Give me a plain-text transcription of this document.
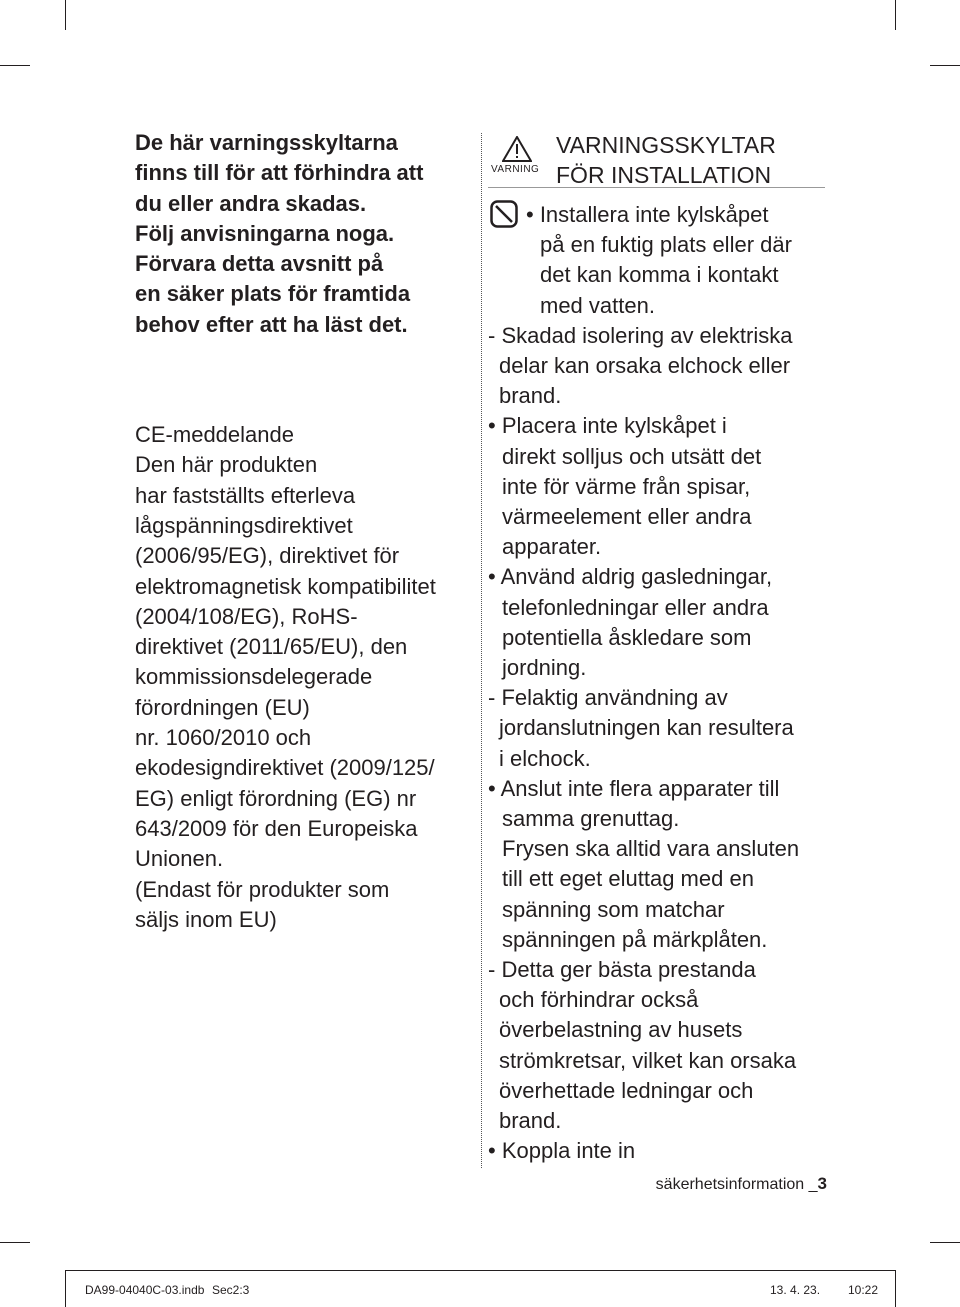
De här varningsskyltarna
finns till för att förhindra att
du eller andra skadas.
Följ anvisningarna noga.
Förvara detta avsnitt på
en säker plats för framtida
behov efter att ha läst det.
CE-meddelande
Den här produkten
har fastställts efterleva
lågspänningsdirektivet
(2006/95/EG), direktivet för
elektromagnetisk kompatibilitet
(2004/108/EG), RoHS-
direktivet (2011/65/EU), den
kommissionsdelegerade
förordningen (EU)
nr. 1060/2010 och
ekodesigndirektivet (2009/125/
EG) enligt förordning (EG) nr
643/2009 för den Europeiska
Unionen.
(Endast för produkter som
säljs inom EU)
VARNING
VARNINGSSKYLTAR
FÖR INSTALLATION
• Installera inte kylskåpet
på en fuktig plats eller där
det kan komma i kontakt
med vatten.
- Skadad isolering av elektriska
delar kan orsaka elchock eller
brand.
• Placera inte kylskåpet i
direkt solljus och utsätt det
inte för värme från spisar,
värmeelement eller andra
apparater.
• Använd aldrig gasledningar,
telefonledningar eller andra
potentiella åskledare som
jordning.
- Felaktig användning av
jordanslutningen kan resultera
i elchock.
• Anslut inte flera apparater till
samma grenuttag.
Frysen ska alltid vara ansluten
till ett eget eluttag med en
spänning som matchar
spänningen på märkplåten.
- Detta ger bästa prestanda
och förhindrar också
överbelastning av husets
strömkretsar, vilket kan orsaka
överhettade ledningar och
brand.
• Koppla inte in
säkerhetsinformation _3
DA99-04040C-03.indb Sec2:3	13. 4. 23. 10:22
